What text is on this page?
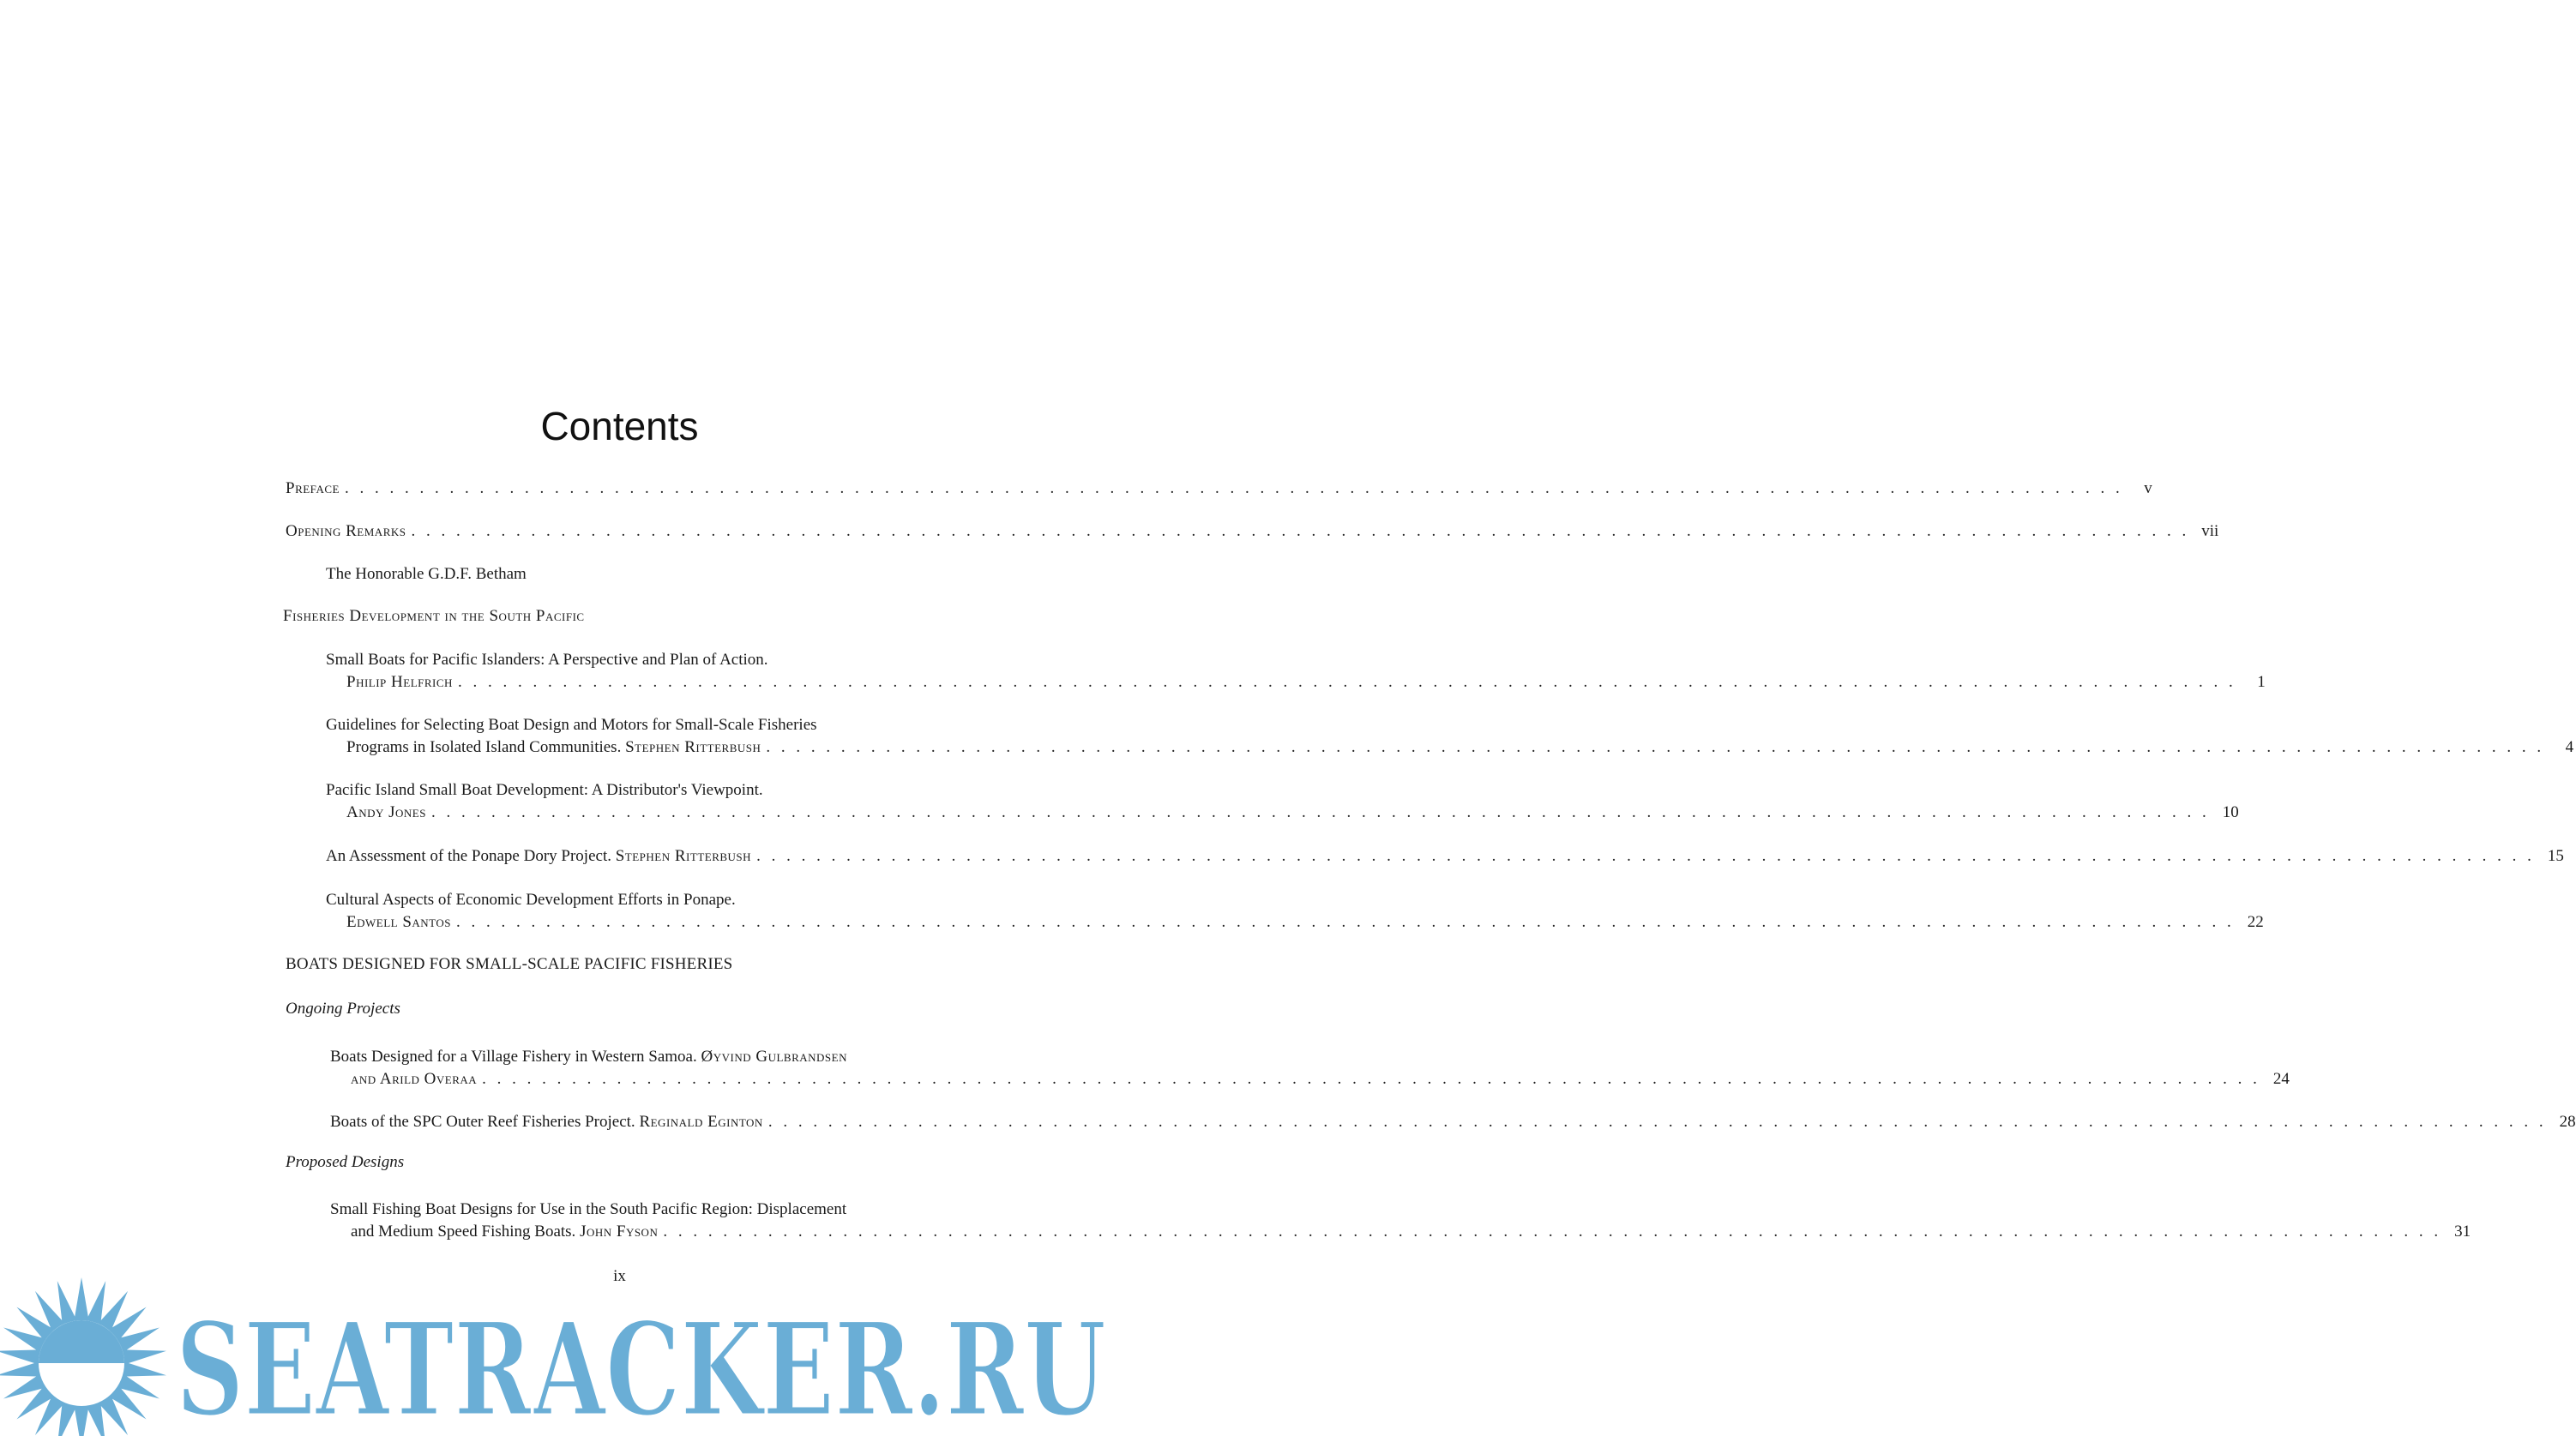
Contents
Preface . . .	v
Opening Remarks . . .	vii
The Honorable G.D.F. Betham
Fisheries Development in the South Pacific
Small Boats for Pacific Islanders: A Perspective and Plan of Action.
Philip Helfrich . . .	1
Guidelines for Selecting Boat Design and Motors for Small-Scale Fisheries
Programs in Isolated Island Communities.
Stephen Ritterbush . . .	4
Pacific Island Small Boat Development: A Distributor's Viewpoint.
Andy Jones . . .	10
An Assessment of the Ponape Dory Project.
Stephen Ritterbush . . .	15
Cultural Aspects of Economic Development Efforts in Ponape.
Edwell Santos . . .	22
BOATS DESIGNED FOR SMALL-SCALE PACIFIC FISHERIES
Ongoing Projects
Boats Designed for a Village Fishery in Western Samoa. Øyvind Gulbrandsen
and Arild Overaa . . .	24
Boats of the SPC Outer Reef Fisheries Project.
Reginald Eginton . . .	28
Proposed Designs
Small Fishing Boat Designs for Use in the South Pacific Region: Displacement
and Medium Speed Fishing Boats.
John Fyson . . .	31
ix
SEATRACKER.RU
